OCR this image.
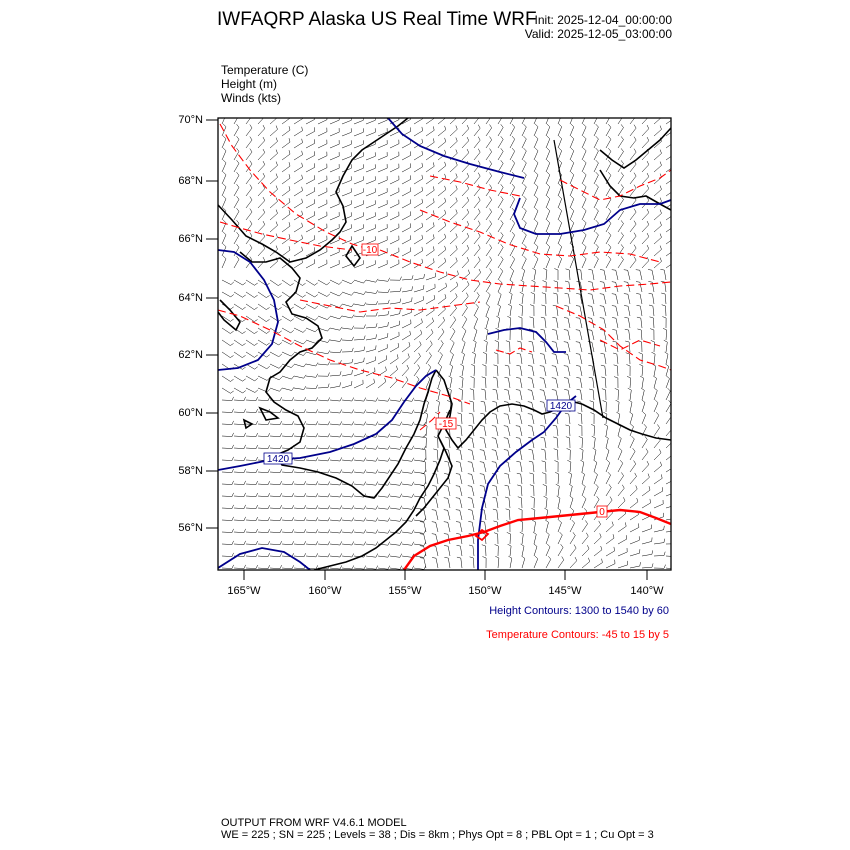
IWFAQRP Alaska US Real Time WRF
Init: 2025-12-04_00:00:00
Valid: 2025-12-05_03:00:00
Temperature (C)
Height (m)
Winds (kts)
1420
1420
-10
-15
0
70°N
68°N
66°N
64°N
62°N
60°N
58°N
56°N
165°W	160°W	155°W	150°W	145°W	140°W
Height Contours: 1300 to 1540 by 60
Temperature Contours: -45 to 15 by 5
OUTPUT FROM WRF V4.6.1 MODEL
WE = 225 ; SN = 225 ; Levels = 38 ; Dis = 8km ; Phys Opt = 8 ; PBL Opt = 1 ; Cu Opt = 3
